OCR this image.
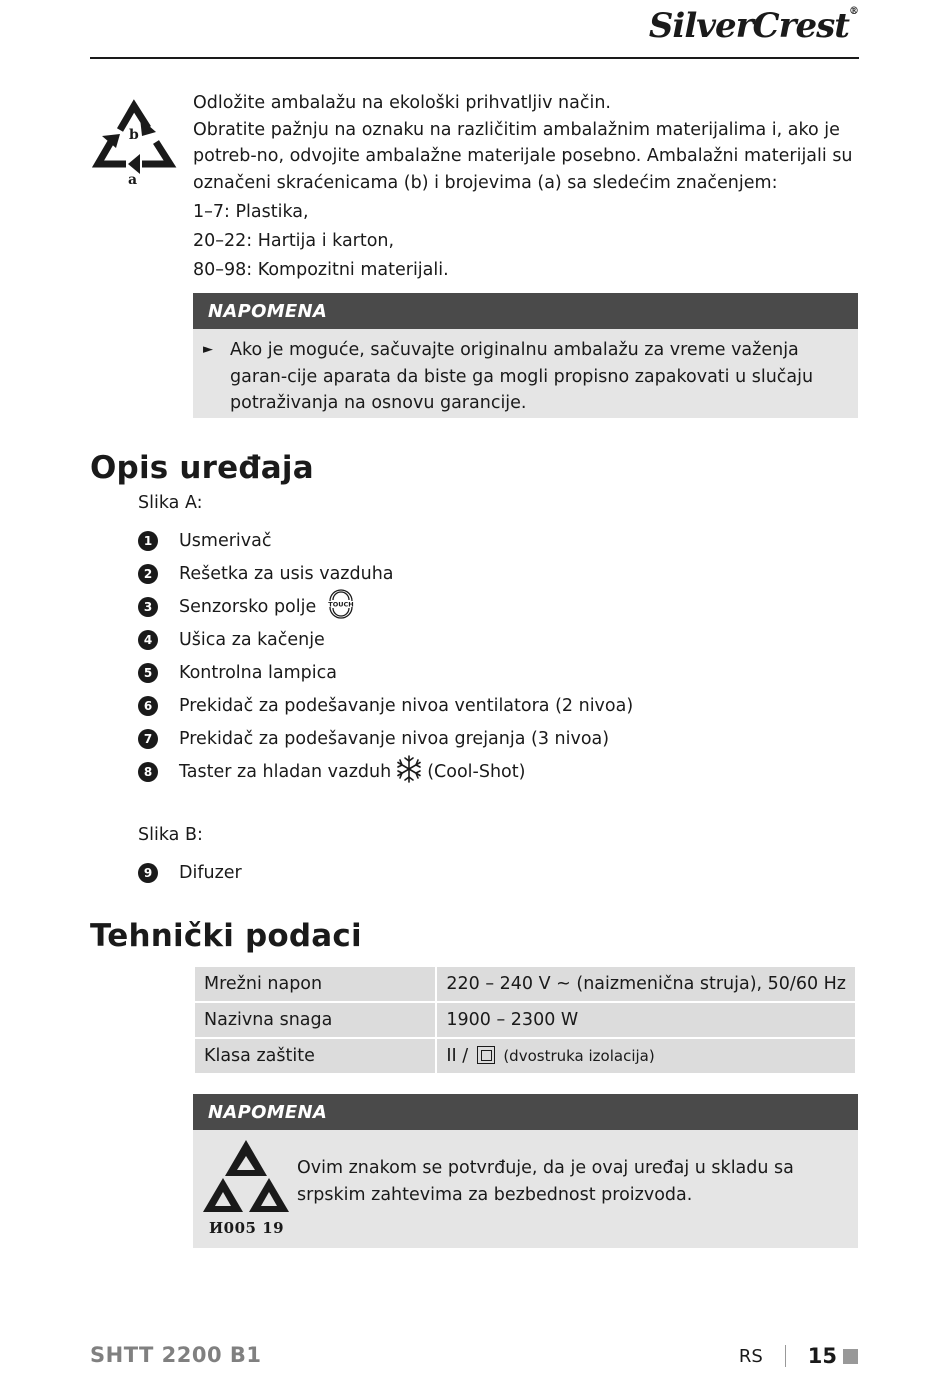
SilverCrest®
b
a

Odložite ambalažu na ekološki prihvatljiv način.

Obratite pažnju na oznaku na različitim ambalažnim materijalima i, ako je potreb-no, odvojite ambalažne materijale posebno. Ambalažni materijali su označeni skraćenicama (b) i brojevima (a) sa sledećim značenjem:

1–7: Plastika,

20–22: Hartija i karton,

80–98: Kompozitni materijali.

NAPOMENA
► Ako je moguće, sačuvajte originalnu ambalažu za vreme važenja garan-cije aparata da biste ga mogli propisno zapakovati u slučaju potraživanja na osnovu garancije.
Opis uređaja
Slika A:
1	Usmerivač
2	Rešetka za usis vazduha
3	Senzorsko polje TOUCH
4	Ušica za kačenje
5	Kontrolna lampica
6	Prekidač za podešavanje nivoa ventilatora (2 nivoa)
7	Prekidač za podešavanje nivoa grejanja (3 nivoa)
8	Taster za hladan vazduh (Cool-Shot)
Slika B:
9	Difuzer
Tehnički podaci
Mrežni napon	220 – 240 V ~ (naizmenična struja), 50/60 Hz
Nazivna snaga	1900 – 2300 W
Klasa zaštite	II / (dvostruka izolacija)
NAPOMENA
И005 19
Ovim znakom se potvrđuje, da je ovaj uređaj u skladu sa srpskim zahtevima za bezbednost proizvoda.
SHTT 2200 B1	RS 15
